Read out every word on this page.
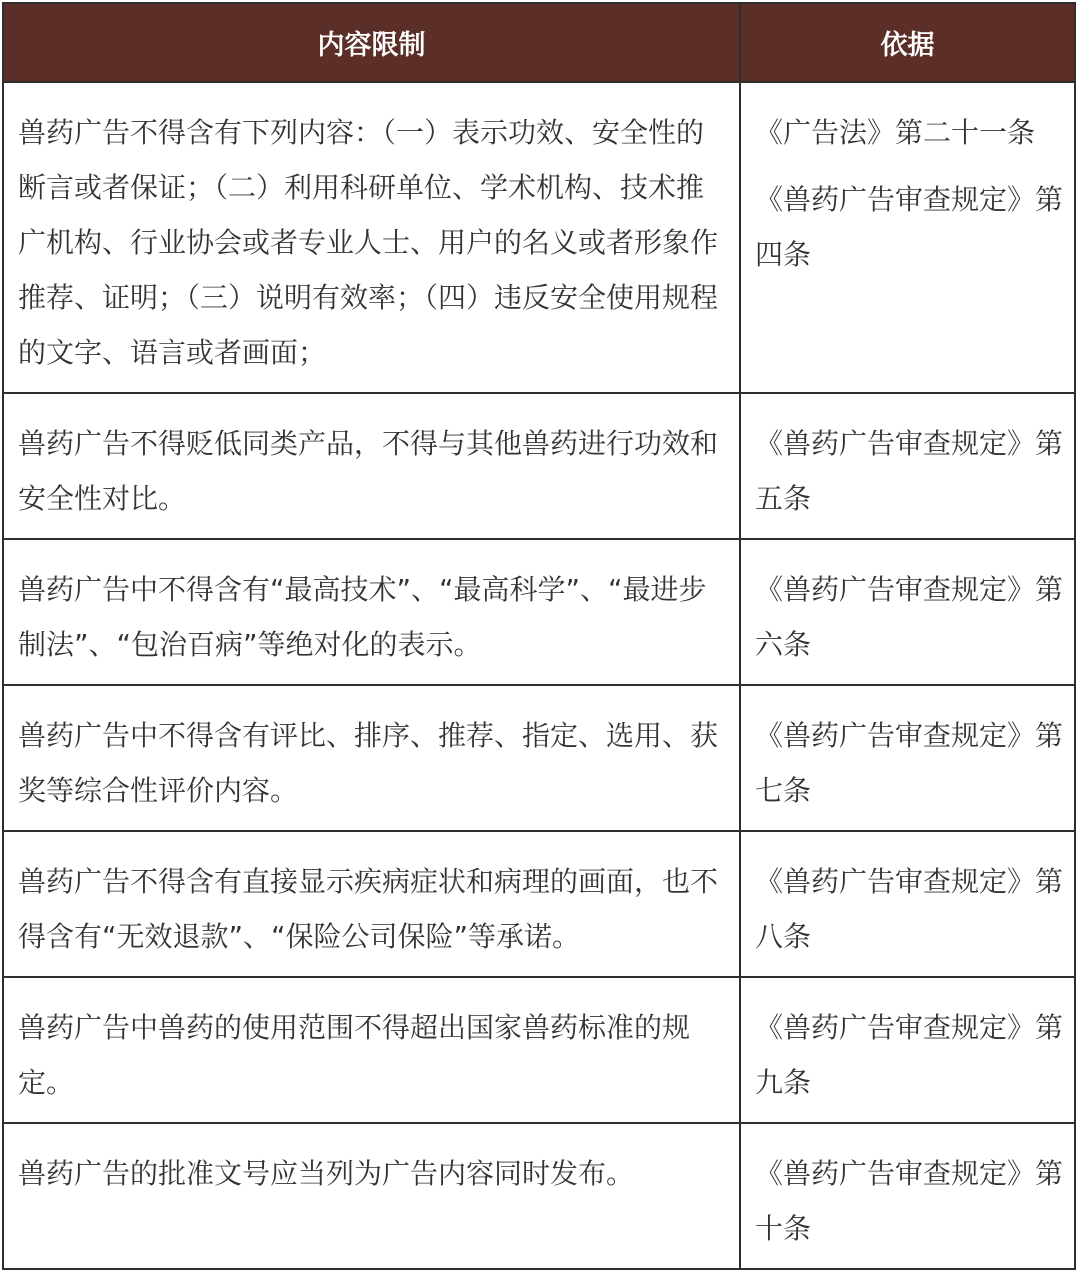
内容限制	依据
兽药广告不得含有下列内容：（一）表示功效、安全性的断言或者保证；（二）利用科研单位、学术机构、技术推广机构、行业协会或者专业人士、用户的名义或者形象作推荐、证明；（三）说明有效率；（四）违反安全使用规程的文字、语言或者画面；	《广告法》第二十一条

《兽药广告审查规定》第四条

兽药广告不得贬低同类产品，不得与其他兽药进行功效和安全性对比。	《兽药广告审查规定》第五条

兽药广告中不得含有“最高技术”、“最高科学”、“最进步制法”、“包治百病”等绝对化的表示。	《兽药广告审查规定》第六条

兽药广告中不得含有评比、排序、推荐、指定、选用、获奖等综合性评价内容。	《兽药广告审查规定》第七条

兽药广告不得含有直接显示疾病症状和病理的画面，也不得含有“无效退款”、“保险公司保险”等承诺。	《兽药广告审查规定》第八条

兽药广告中兽药的使用范围不得超出国家兽药标准的规定。	《兽药广告审查规定》第九条

兽药广告的批准文号应当列为广告内容同时发布。	《兽药广告审查规定》第十条
